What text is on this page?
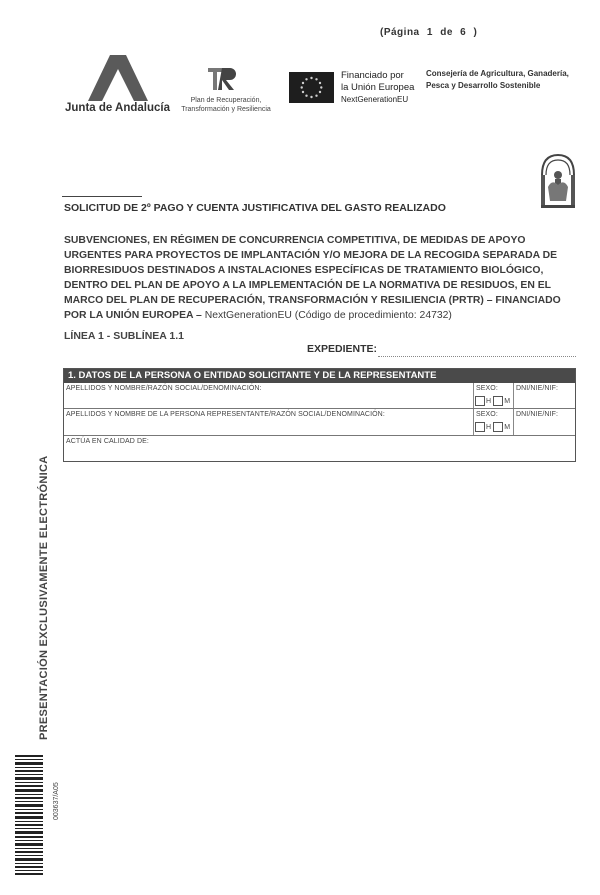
(Página 1 de 6 )
Junta de Andalucía
Plan de Recuperación,
Transformación y Resiliencia
Financiado por
la Unión Europea
NextGenerationEU
Consejería de Agricultura, Ganadería,
Pesca y Desarrollo Sostenible
SOLICITUD DE 2º PAGO Y CUENTA JUSTIFICATIVA DEL GASTO REALIZADO
SUBVENCIONES, EN RÉGIMEN DE CONCURRENCIA COMPETITIVA, DE MEDIDAS DE APOYO URGENTES PARA PROYECTOS DE IMPLANTACIÓN Y/O MEJORA DE LA RECOGIDA SEPARADA DE BIORRESIDUOS DESTINADOS A INSTALACIONES ESPECÍFICAS DE TRATAMIENTO BIOLÓGICO, DENTRO DEL PLAN DE APOYO A LA IMPLEMENTACIÓN DE LA NORMATIVA DE RESIDUOS, EN EL MARCO DEL PLAN DE RECUPERACIÓN, TRANSFORMACIÓN Y RESILIENCIA (PRTR) – FINANCIADO POR LA UNIÓN EUROPEA – NextGenerationEU (Código de procedimiento: 24732)
LÍNEA 1 - SUBLÍNEA 1.1
EXPEDIENTE:
1. DATOS DE LA PERSONA O ENTIDAD SOLICITANTE Y DE LA REPRESENTANTE
APELLIDOS Y NOMBRE/RAZÓN SOCIAL/DENOMINACIÓN:	SEXO:
H M
DNI/NIE/NIF:
APELLIDOS Y NOMBRE DE LA PERSONA REPRESENTANTE/RAZÓN SOCIAL/DENOMINACIÓN:	SEXO:
H M
DNI/NIE/NIF:
ACTÚA EN CALIDAD DE:
PRESENTACIÓN EXCLUSIVAMENTE ELECTRÓNICA
003637/A05
